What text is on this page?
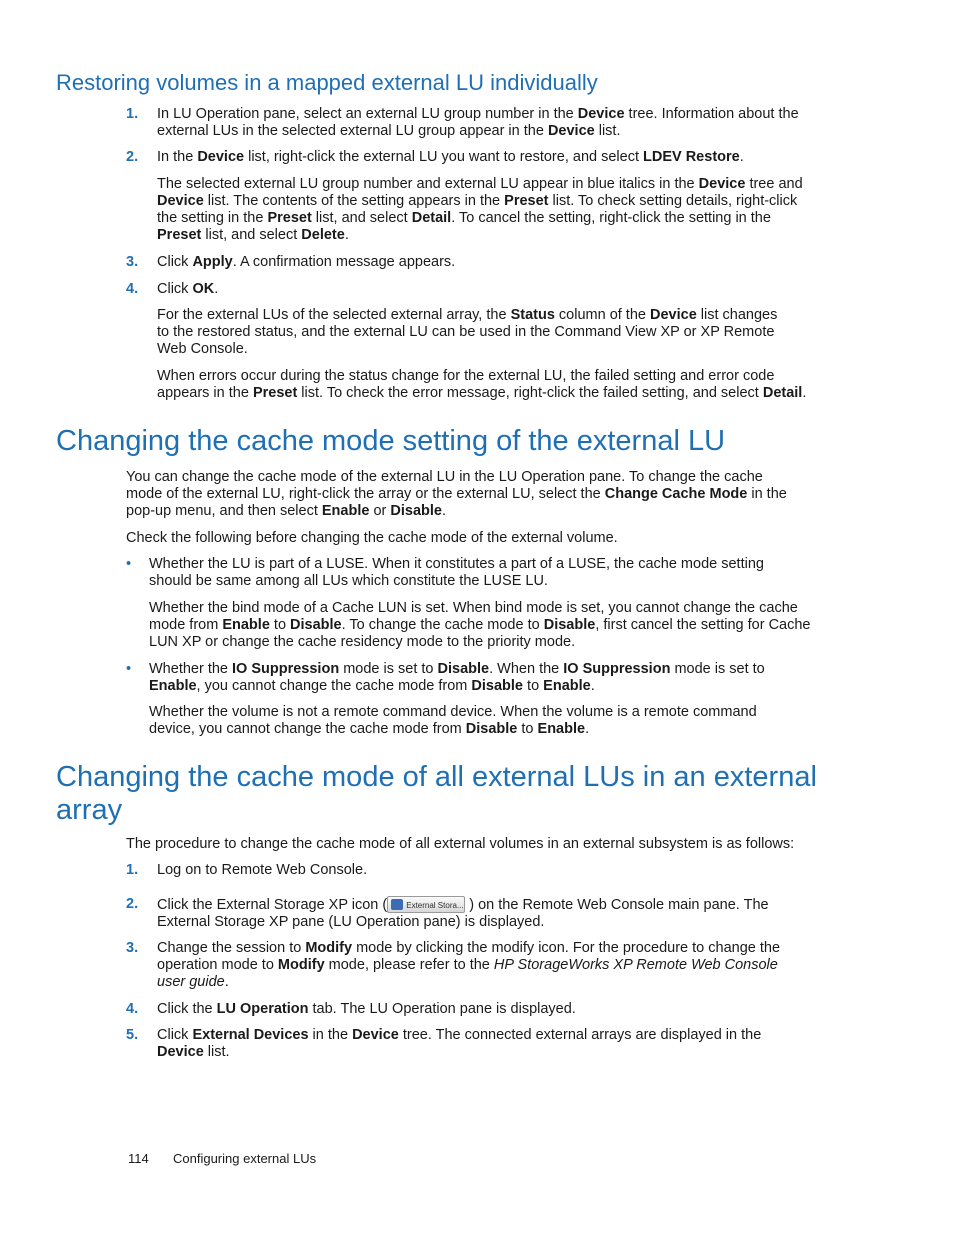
Restoring volumes in a mapped external LU individually
1. In LU Operation pane, select an external LU group number in the Device tree. Information about the
external LUs in the selected external LU group appear in the Device list.
2. In the Device list, right-click the external LU you want to restore, and select LDEV Restore.
The selected external LU group number and external LU appear in blue italics in the Device tree and
Device list. The contents of the setting appears in the Preset list. To check setting details, right-click
the setting in the Preset list, and select Detail. To cancel the setting, right-click the setting in the
Preset list, and select Delete.
3. Click Apply. A confirmation message appears.
4. Click OK.
For the external LUs of the selected external array, the Status column of the Device list changes
to the restored status, and the external LU can be used in the Command View XP or XP Remote
Web Console.
When errors occur during the status change for the external LU, the failed setting and error code
appears in the Preset list. To check the error message, right-click the failed setting, and select Detail.
Changing the cache mode setting of the external LU
You can change the cache mode of the external LU in the LU Operation pane. To change the cache
mode of the external LU, right-click the array or the external LU, select the Change Cache Mode in the
pop-up menu, and then select Enable or Disable.
Check the following before changing the cache mode of the external volume.
• Whether the LU is part of a LUSE. When it constitutes a part of a LUSE, the cache mode setting
should be same among all LUs which constitute the LUSE LU.
Whether the bind mode of a Cache LUN is set. When bind mode is set, you cannot change the cache
mode from Enable to Disable. To change the cache mode to Disable, first cancel the setting for Cache
LUN XP or change the cache residency mode to the priority mode.
• Whether the IO Suppression mode is set to Disable. When the IO Suppression mode is set to
Enable, you cannot change the cache mode from Disable to Enable.
Whether the volume is not a remote command device. When the volume is a remote command
device, you cannot change the cache mode from Disable to Enable.
Changing the cache mode of all external LUs in an external
array
The procedure to change the cache mode of all external volumes in an external subsystem is as follows:
1. Log on to Remote Web Console.
2. Click the External Storage XP icon ( External Stora... ) on the Remote Web Console main pane. The
External Storage XP pane (LU Operation pane) is displayed.
3. Change the session to Modify mode by clicking the modify icon. For the procedure to change the
operation mode to Modify mode, please refer to the HP StorageWorks XP Remote Web Console
user guide.
4. Click the LU Operation tab. The LU Operation pane is displayed.
5. Click External Devices in the Device tree. The connected external arrays are displayed in the
Device list.
114 Configuring external LUs
